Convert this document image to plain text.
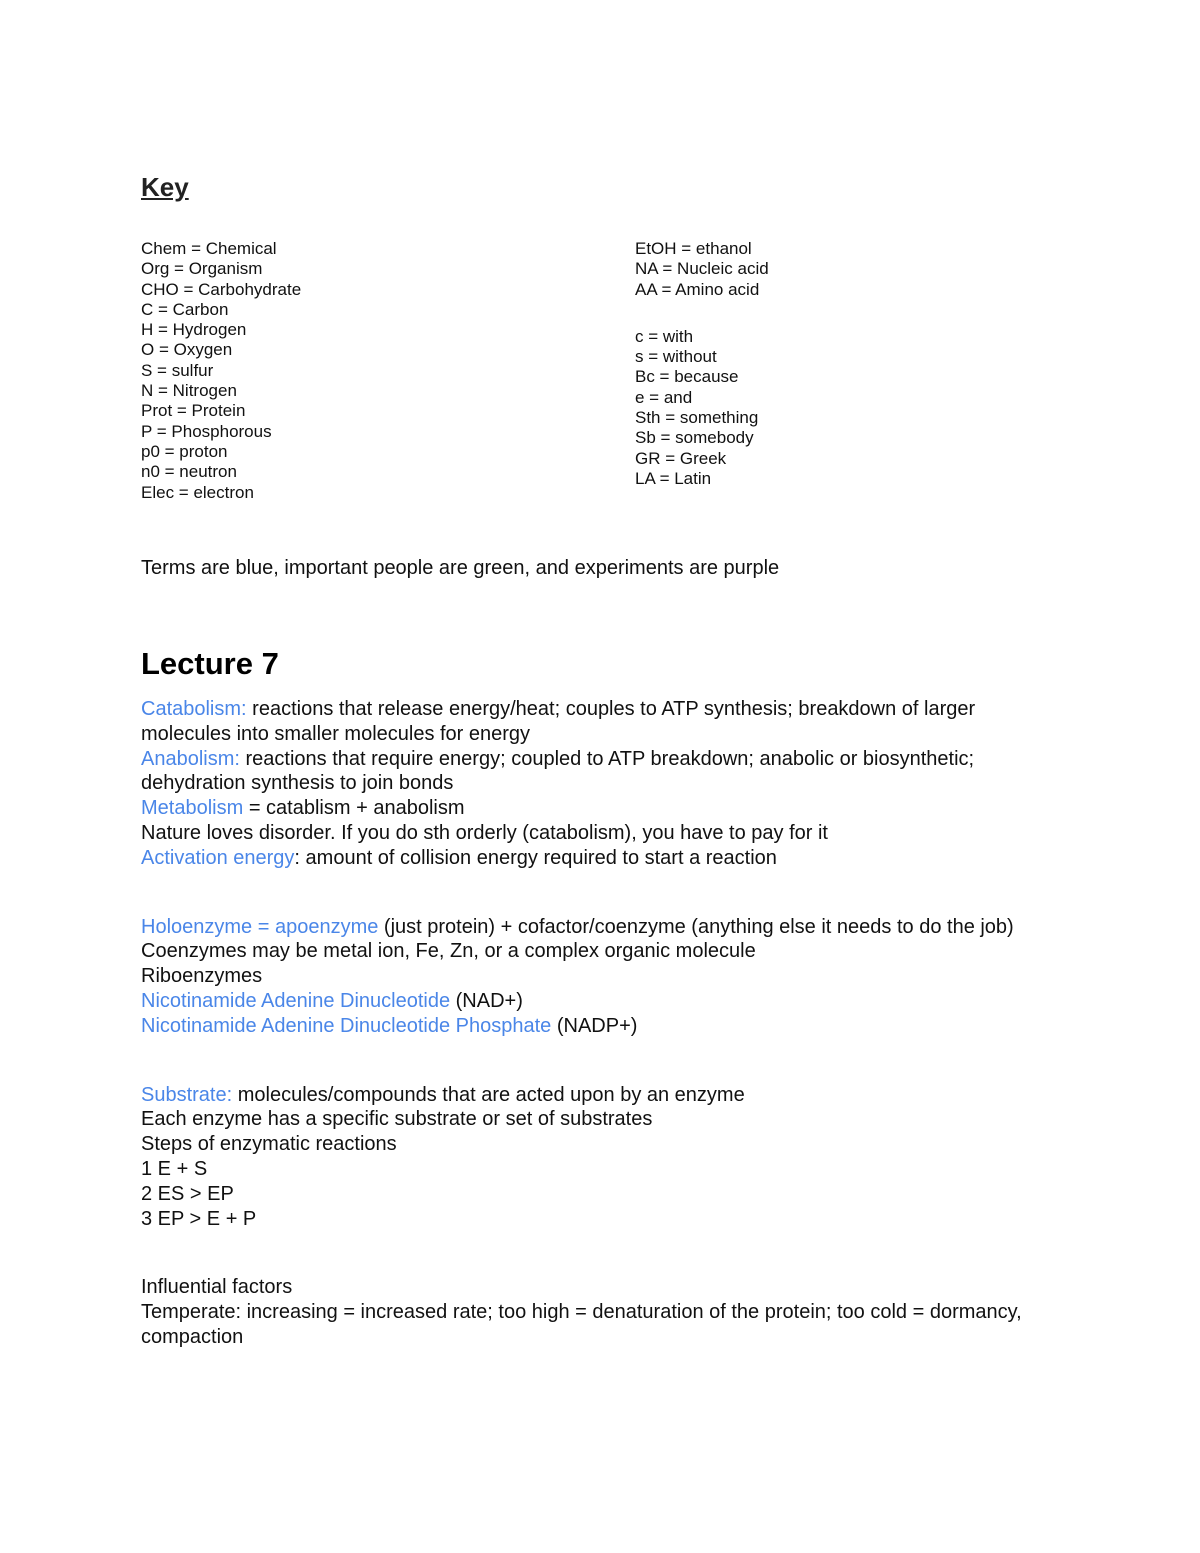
Key
Chem = Chemical
Org = Organism
CHO = Carbohydrate
C = Carbon
H = Hydrogen
O = Oxygen
S = sulfur
N = Nitrogen
Prot = Protein
P = Phosphorous
p0 = proton
n0 = neutron
Elec = electron
EtOH = ethanol
NA = Nucleic acid
AA = Amino acid
c = with
s = without
Bc = because
e = and
Sth = something
Sb = somebody
GR = Greek
LA = Latin

Terms are blue, important people are green, and experiments are purple

Lecture 7

Catabolism: reactions that release energy/heat; couples to ATP synthesis; breakdown of larger molecules into smaller molecules for energy

Anabolism: reactions that require energy; coupled to ATP breakdown; anabolic or biosynthetic; dehydration synthesis to join bonds

Metabolism = catablism + anabolism

Nature loves disorder. If you do sth orderly (catabolism), you have to pay for it

Activation energy: amount of collision energy required to start a reaction

Holoenzyme = apoenzyme (just protein) + cofactor/coenzyme (anything else it needs to do the job)

Coenzymes may be metal ion, Fe, Zn, or a complex organic molecule

Riboenzymes

Nicotinamide Adenine Dinucleotide (NAD+)

Nicotinamide Adenine Dinucleotide Phosphate (NADP+)

Substrate: molecules/compounds that are acted upon by an enzyme

Each enzyme has a specific substrate or set of substrates

Steps of enzymatic reactions

1 E + S

2 ES > EP

3 EP > E + P

Influential factors

Temperate: increasing = increased rate; too high = denaturation of the protein; too cold = dormancy, compaction
